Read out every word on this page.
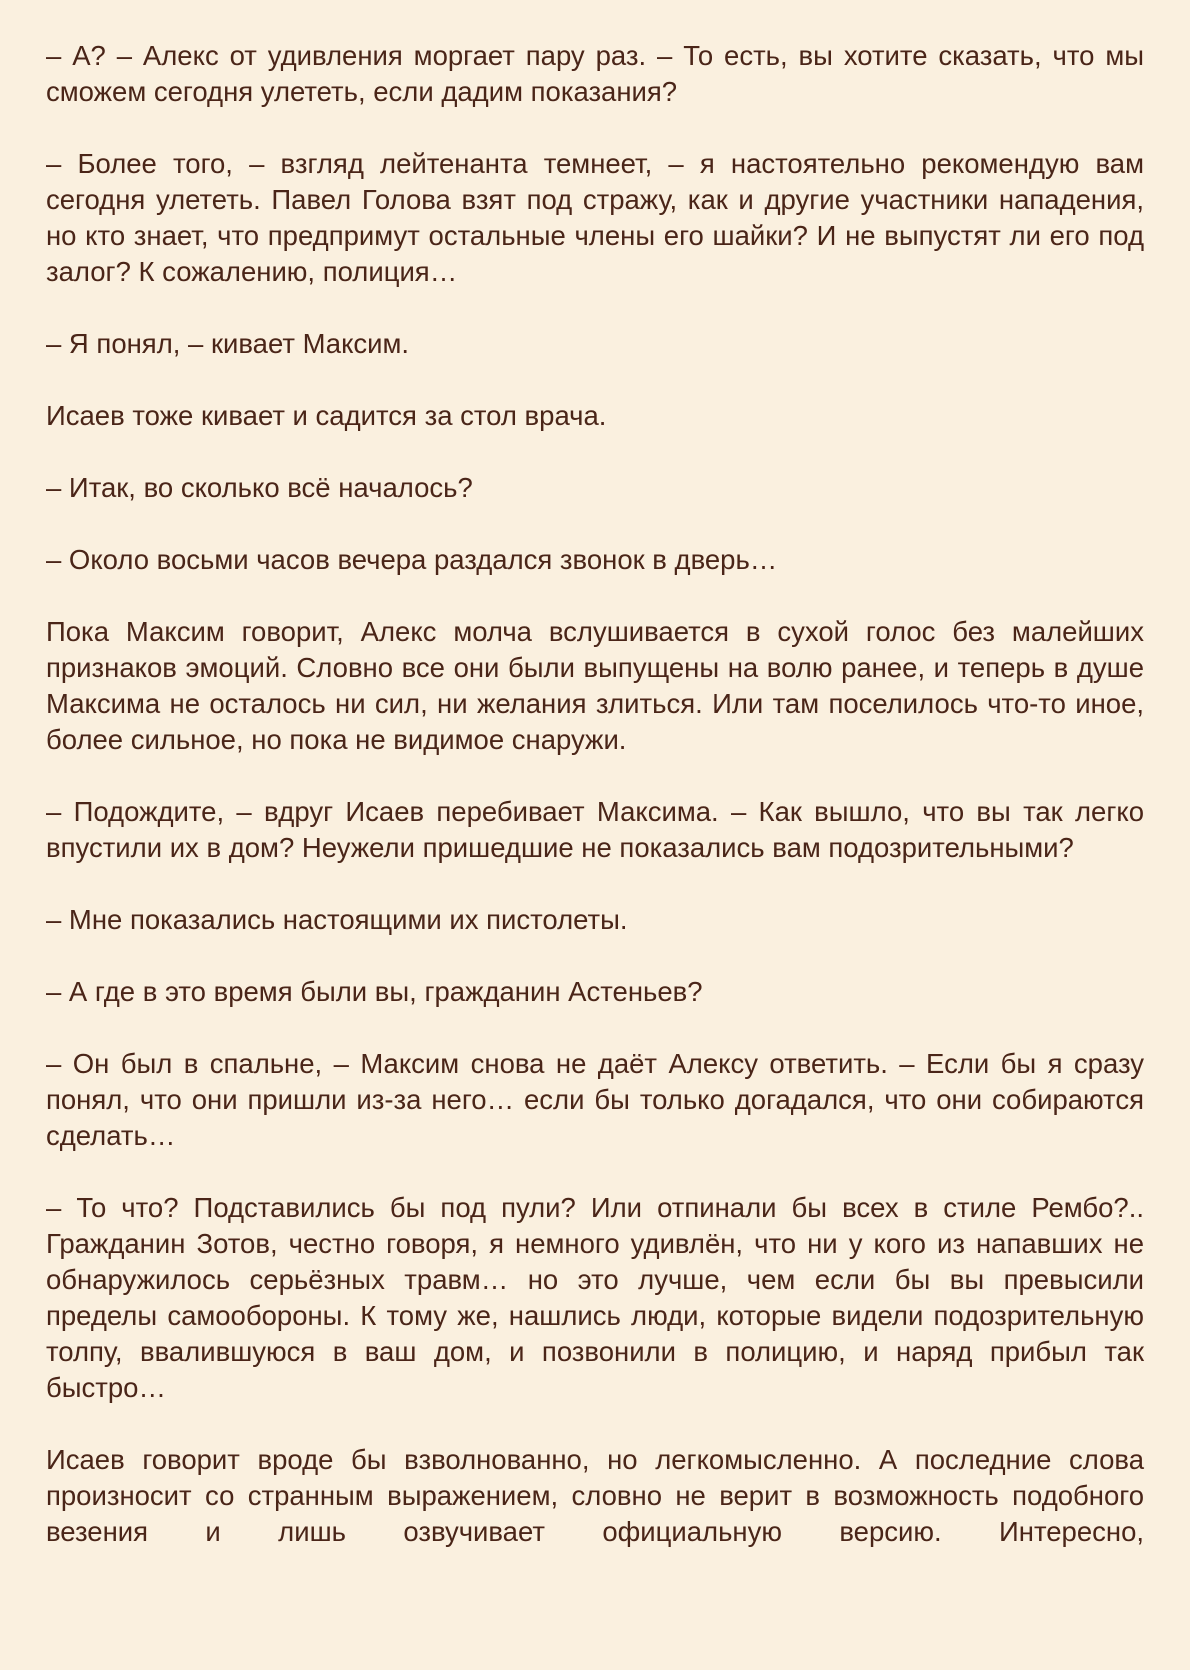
– А? – Алекс от удивления моргает пару раз. – То есть, вы хотите сказать, что мы сможем сегодня улететь, если дадим показания?

– Более того, – взгляд лейтенанта темнеет, – я настоятельно рекомендую вам сегодня улететь. Павел Голова взят под стражу, как и другие участники нападения, но кто знает, что предпримут остальные члены его шайки? И не выпустят ли его под залог? К сожалению, полиция…

– Я понял, – кивает Максим.

Исаев тоже кивает и садится за стол врача.

– Итак, во сколько всё началось?

– Около восьми часов вечера раздался звонок в дверь…

Пока Максим говорит, Алекс молча вслушивается в сухой голос без малейших признаков эмоций. Словно все они были выпущены на волю ранее, и теперь в душе Максима не осталось ни сил, ни желания злиться. Или там поселилось что-то иное, более сильное, но пока не видимое снаружи.

– Подождите, – вдруг Исаев перебивает Максима. – Как вышло, что вы так легко впустили их в дом? Неужели пришедшие не показались вам подозрительными?

– Мне показались настоящими их пистолеты.

– А где в это время были вы, гражданин Астеньев?

– Он был в спальне, – Максим снова не даёт Алексу ответить. – Если бы я сразу понял, что они пришли из-за него… если бы только догадался, что они собираются сделать…

– То что? Подставились бы под пули? Или отпинали бы всех в стиле Рембо?.. Гражданин Зотов, честно говоря, я немного удивлён, что ни у кого из напавших не обнаружилось серьёзных травм… но это лучше, чем если бы вы превысили пределы самообороны. К тому же, нашлись люди, которые видели подозрительную толпу, ввалившуюся в ваш дом, и позвонили в полицию, и наряд прибыл так быстро…

Исаев говорит вроде бы взволнованно, но легкомысленно. А последние слова произносит со странным выражением, словно не верит в возможность подобного везения и лишь озвучивает официальную версию. Интересно,
